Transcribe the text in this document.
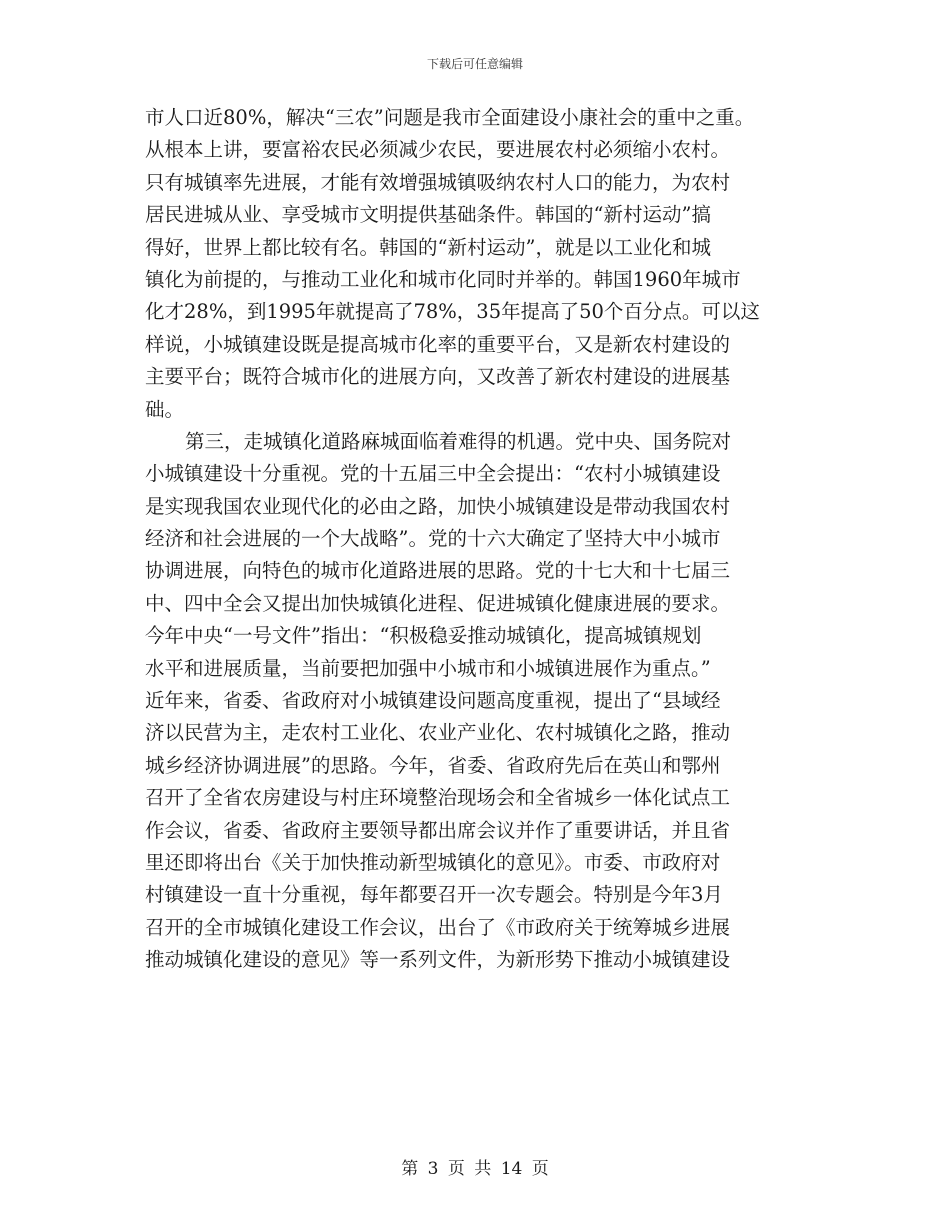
下载后可任意编辑
市人口近80%，解决“三农”问题是我市全面建设小康社会的重中之重。
从根本上讲，要富裕农民必须减少农民，要进展农村必须缩小农村。
只有城镇率先进展，才能有效增强城镇吸纳农村人口的能力，为农村
居民进城从业、享受城市文明提供基础条件。韩国的“新村运动”搞
得好，世界上都比较有名。韩国的“新村运动”，就是以工业化和城
镇化为前提的，与推动工业化和城市化同时并举的。韩国1960年城市
化才28%，到1995年就提高了78%，35年提高了50个百分点。可以这
样说，小城镇建设既是提高城市化率的重要平台，又是新农村建设的
主要平台；既符合城市化的进展方向，又改善了新农村建设的进展基
础。
第三，走城镇化道路麻城面临着难得的机遇。党中央、国务院对
小城镇建设十分重视。党的十五届三中全会提出：“农村小城镇建设
是实现我国农业现代化的必由之路，加快小城镇建设是带动我国农村
经济和社会进展的一个大战略”。党的十六大确定了坚持大中小城市
协调进展，向特色的城市化道路进展的思路。党的十七大和十七届三
中、四中全会又提出加快城镇化进程、促进城镇化健康进展的要求。
今年中央“一号文件”指出：“积极稳妥推动城镇化，提高城镇规划
水平和进展质量，当前要把加强中小城市和小城镇进展作为重点。”
近年来，省委、省政府对小城镇建设问题高度重视，提出了“县域经
济以民营为主，走农村工业化、农业产业化、农村城镇化之路，推动
城乡经济协调进展”的思路。今年，省委、省政府先后在英山和鄂州
召开了全省农房建设与村庄环境整治现场会和全省城乡一体化试点工
作会议，省委、省政府主要领导都出席会议并作了重要讲话，并且省
里还即将出台《关于加快推动新型城镇化的意见》。市委、市政府对
村镇建设一直十分重视，每年都要召开一次专题会。特别是今年3月
召开的全市城镇化建设工作会议，出台了《市政府关于统筹城乡进展
推动城镇化建设的意见》等一系列文件，为新形势下推动小城镇建设
第 3 页 共 14 页
